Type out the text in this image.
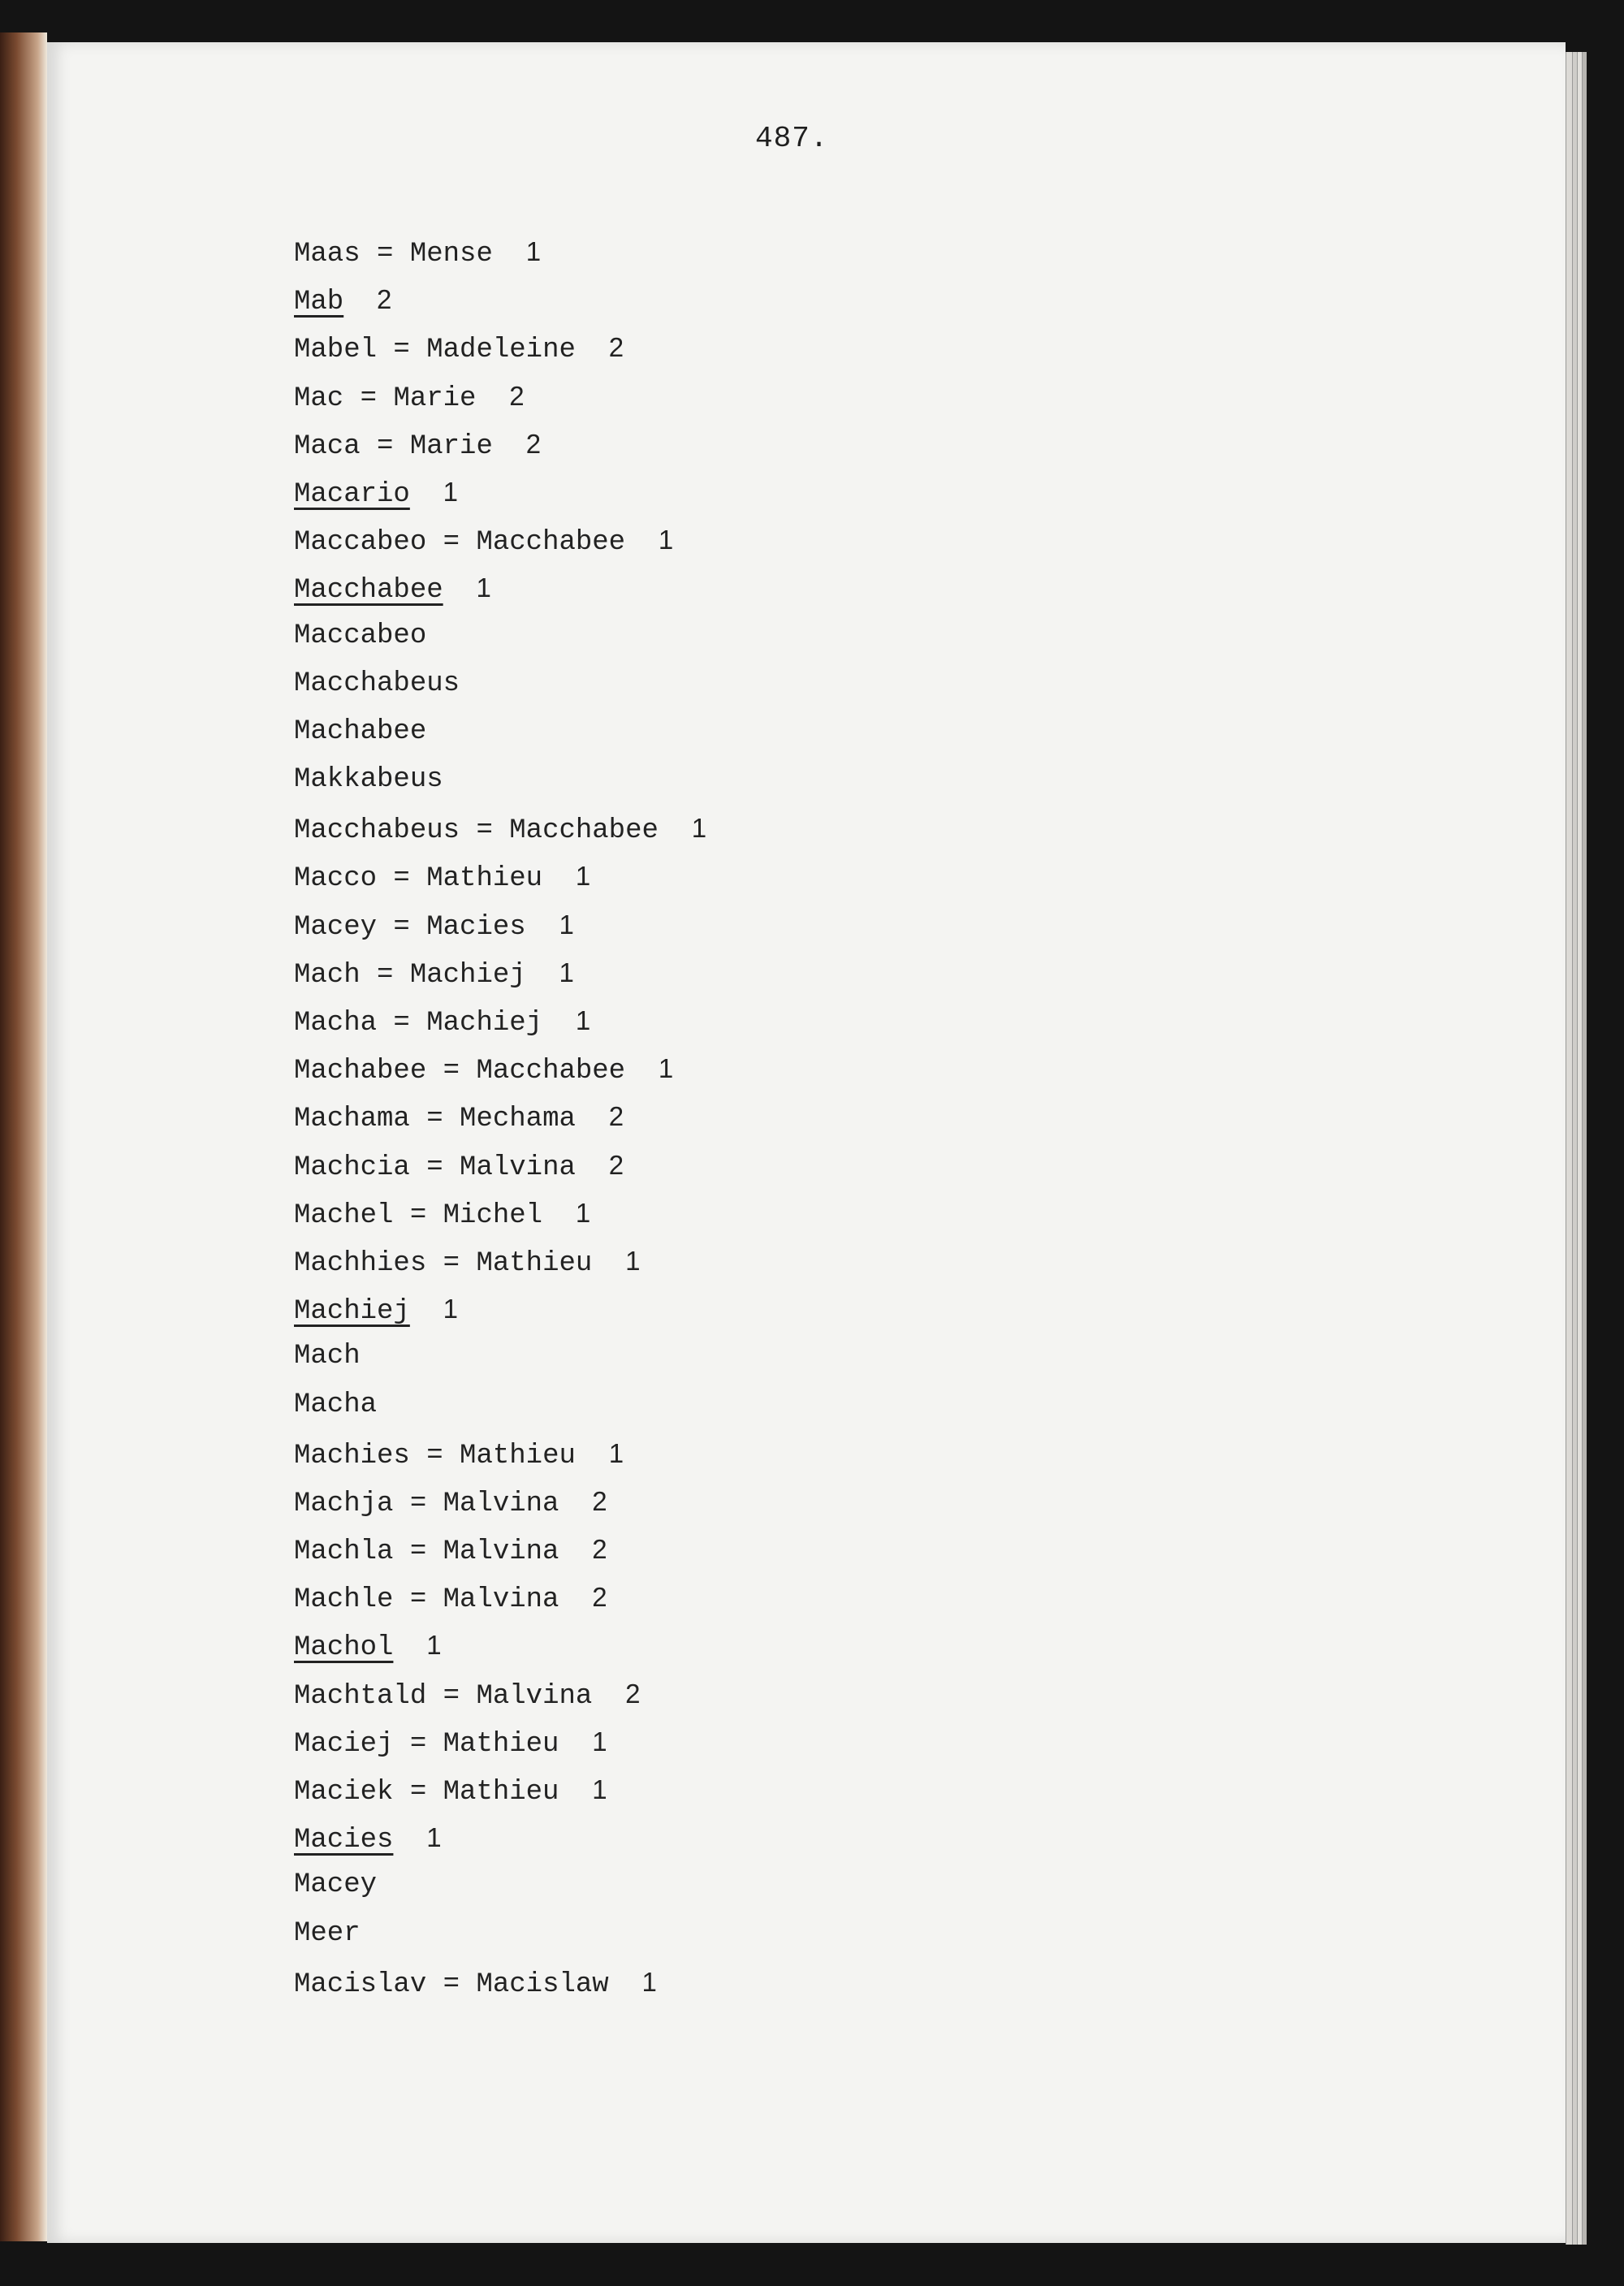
487.
Maas = Mense 1
Mab 2
Mabel = Madeleine 2
Mac = Marie 2
Maca = Marie 2
Macario 1
Maccabeo = Macchabee 1
Macchabee 1
Maccabeo
Macchabeus
Machabee
Makkabeus
Macchabeus = Macchabee 1
Macco = Mathieu 1
Macey = Macies 1
Mach = Machiej 1
Macha = Machiej 1
Machabee = Macchabee 1
Machama = Mechama 2
Machcia = Malvina 2
Machel = Michel 1
Machhies = Mathieu 1
Machiej 1
Mach
Macha
Machies = Mathieu 1
Machja = Malvina 2
Machla = Malvina 2
Machle = Malvina 2
Machol 1
Machtald = Malvina 2
Maciej = Mathieu 1
Maciek = Mathieu 1
Macies 1
Macey
Meer
Macislav = Macislaw 1
